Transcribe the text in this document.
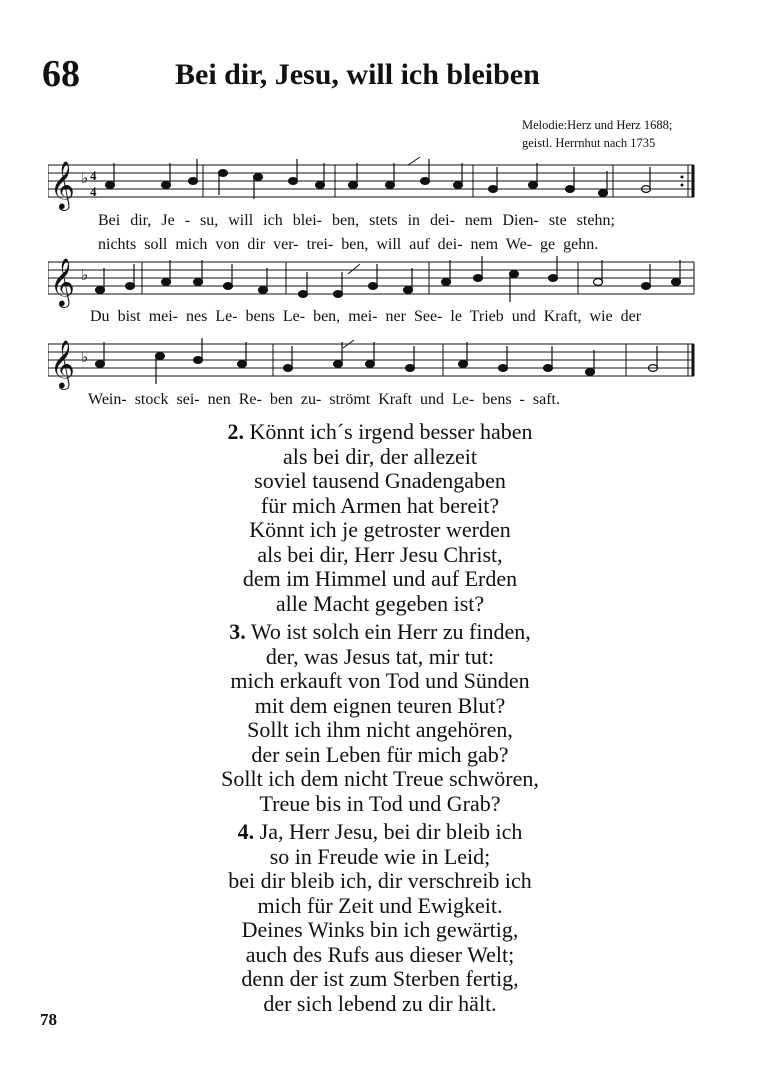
68	Bei dir, Jesu, will ich bleiben
Melodie:Herz und Herz 1688;
geistl. Herrnhut nach 1735
𝄞 ♭ 4
4
Bei dir, Je - su, will ich blei- ben, stets in dei- nem Dien- ste stehn;
nichts soll mich von dir ver- trei- ben, will auf dei- nem We- ge gehn.
𝄞 ♭
Du bist mei- nes Le- bens Le- ben, mei- ner See- le Trieb und Kraft, wie der
𝄞 ♭
Wein- stock sei- nen Re- ben zu- strömt Kraft und Le- bens - saft.
2. Könnt ich´s irgend besser haben
als bei dir, der allezeit
soviel tausend Gnadengaben
für mich Armen hat bereit?
Könnt ich je getroster werden
als bei dir, Herr Jesu Christ,
dem im Himmel und auf Erden
alle Macht gegeben ist?
3. Wo ist solch ein Herr zu finden,
der, was Jesus tat, mir tut:
mich erkauft von Tod und Sünden
mit dem eignen teuren Blut?
Sollt ich ihm nicht angehören,
der sein Leben für mich gab?
Sollt ich dem nicht Treue schwören,
Treue bis in Tod und Grab?
4. Ja, Herr Jesu, bei dir bleib ich
so in Freude wie in Leid;
bei dir bleib ich, dir verschreib ich
mich für Zeit und Ewigkeit.
Deines Winks bin ich gewärtig,
auch des Rufs aus dieser Welt;
denn der ist zum Sterben fertig,
der sich lebend zu dir hält.
78
